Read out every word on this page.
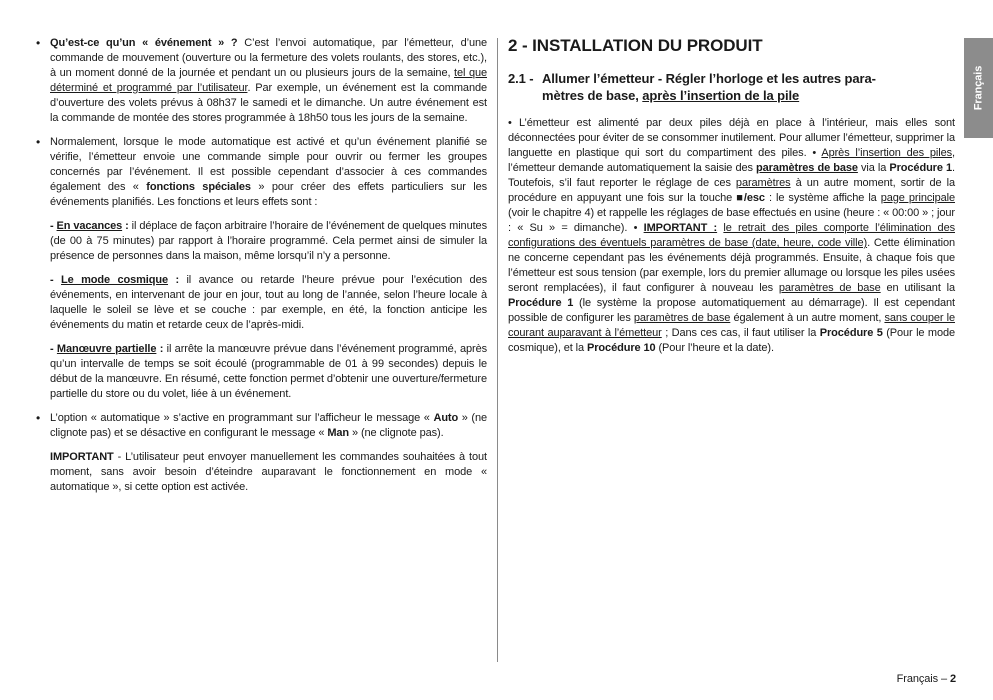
• Qu’est-ce qu’un « événement » ? C’est l’envoi automatique, par l’émetteur, d’une commande de mouvement (ouverture ou la fermeture des volets roulants, des stores, etc.), à un moment donné de la journée et pendant un ou plusieurs jours de la semaine, tel que déterminé et programmé par l’utilisateur. Par exemple, un événement est la commande d’ouverture des volets prévus à 08h37 le samedi et le dimanche. Un autre événement est la commande de montée des stores programmée à 18h50 tous les jours de la semaine.

• Normalement, lorsque le mode automatique est activé et qu’un événement planifié se vérifie, l’émetteur envoie une commande simple pour ouvrir ou fermer les groupes concernés par l’événement. Il est possible cependant d’associer à ces commandes également des « fonctions spéciales » pour créer des effets particuliers sur les événements planifiés. Les fonctions et leurs effets sont :

- En vacances : il déplace de façon arbitraire l’horaire de l’événement de quelques minutes (de 00 à 75 minutes) par rapport à l’horaire programmé. Cela permet ainsi de simuler la présence de personnes dans la maison, même lorsqu’il n’y a personne.

- Le mode cosmique : il avance ou retarde l’heure prévue pour l’exécution des événements, en intervenant de jour en jour, tout au long de l’année, selon l’heure locale à laquelle le soleil se lève et se couche : par exemple, en été, la fonction anticipe les événements du matin et retarde ceux de l’après-midi.

- Manœuvre partielle : il arrête la manœuvre prévue dans l’événement programmé, après qu’un intervalle de temps se soit écoulé (programmable de 01 à 99 secondes) depuis le début de la manœuvre. En résumé, cette fonction permet d’obtenir une ouverture/fermeture partielle du store ou du volet, liée à un événement.

• L’option « automatique » s’active en programmant sur l’afficheur le message « Auto » (ne clignote pas) et se désactive en configurant le message « Man » (ne clignote pas).

IMPORTANT - L’utilisateur peut envoyer manuellement les commandes souhaitées à tout moment, sans avoir besoin d’éteindre auparavant le fonctionnement en mode « automatique », si cette option est activée.

2 - INSTALLATION DU PRODUIT
2.1 - Allumer l’émetteur - Régler l’horloge et les autres para-
mètres de base, après l’insertion de la pile

• L’émetteur est alimenté par deux piles déjà en place à l’intérieur, mais elles sont déconnectées pour éviter de se consommer inutilement. Pour allumer l’émetteur, supprimer la languette en plastique qui sort du compartiment des piles. • Après l’insertion des piles, l’émetteur demande automatiquement la saisie des paramètres de base via la Procédure 1. Toutefois, s’il faut reporter le réglage de ces paramètres à un autre moment, sortir de la procédure en appuyant une fois sur la touche ■/esc : le système affiche la page principale (voir le chapitre 4) et rappelle les réglages de base effectués en usine (heure : « 00:00 » ; jour : « Su » = dimanche). • IMPORTANT : le retrait des piles comporte l’élimination des configurations des éventuels paramètres de base (date, heure, code ville). Cette élimination ne concerne cependant pas les événements déjà programmés. Ensuite, à chaque fois que l’émetteur est sous tension (par exemple, lors du premier allumage ou lorsque les piles usées seront remplacées), il faut configurer à nouveau les paramètres de base en utilisant la Procédure 1 (le système la propose automatiquement au démarrage). Il est cependant possible de configurer les paramètres de base également à un autre moment, sans couper le courant auparavant à l’émetteur ; Dans ces cas, il faut utiliser la Procédure 5 (Pour le mode cosmique), et la Procédure 10 (Pour l’heure et la date).

Français
Français – 2
